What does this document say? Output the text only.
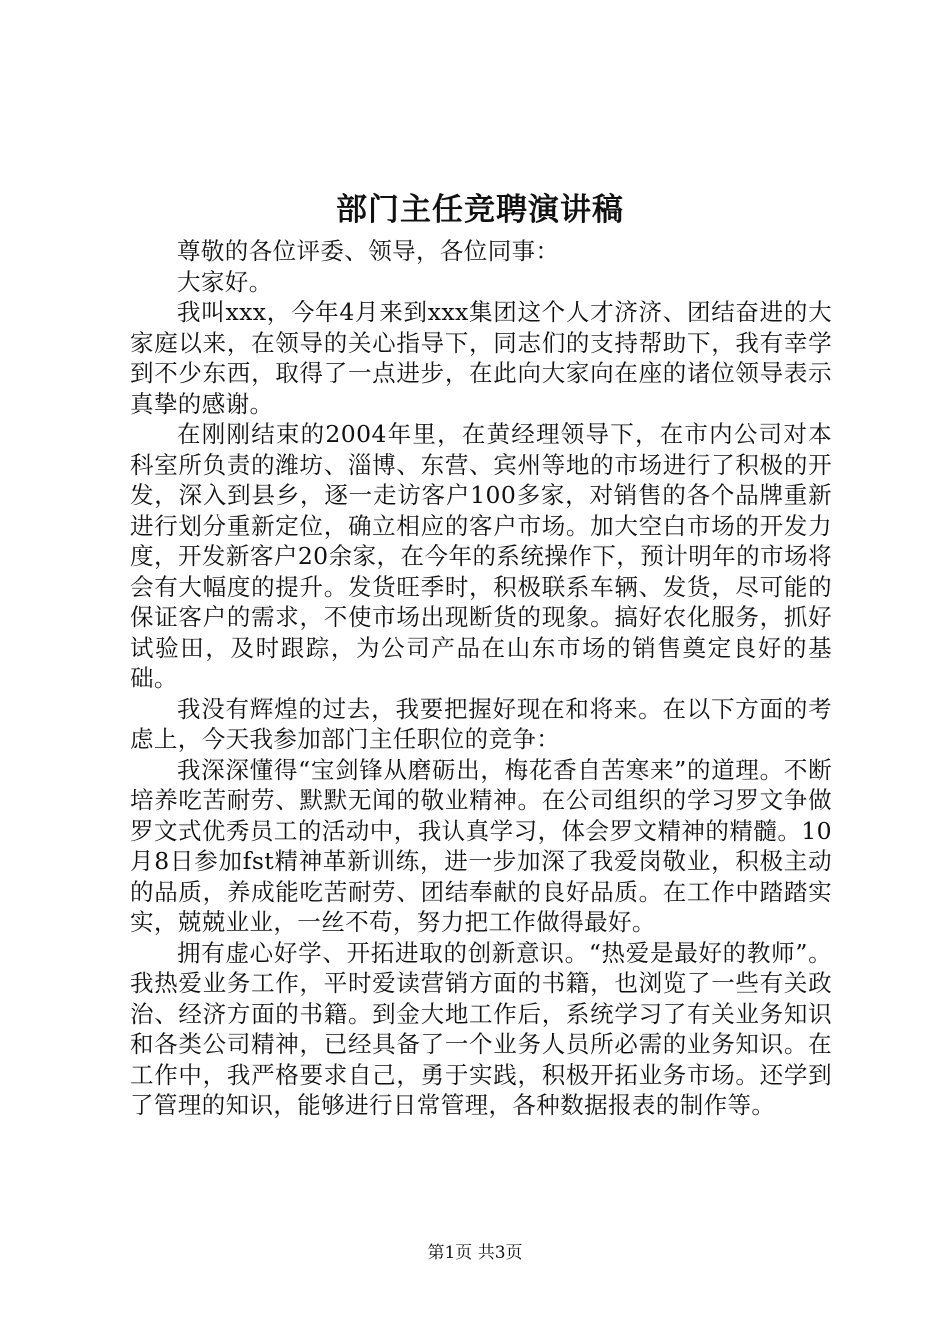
部门主任竞聘演讲稿

尊敬的各位评委、领导，各位同事：

大家好。

我叫xxx，今年4月来到xxx集团这个人才济济、团结奋进的大家庭以来，在领导的关心指导下，同志们的支持帮助下，我有幸学到不少东西，取得了一点进步，在此向大家向在座的诸位领导表示真挚的感谢。

在刚刚结束的2004年里，在黄经理领导下，在市内公司对本科室所负责的潍坊、淄博、东营、宾州等地的市场进行了积极的开发，深入到县乡，逐一走访客户100多家，对销售的各个品牌重新进行划分重新定位，确立相应的客户市场。加大空白市场的开发力度，开发新客户20余家，在今年的系统操作下，预计明年的市场将会有大幅度的提升。发货旺季时，积极联系车辆、发货，尽可能的保证客户的需求，不使市场出现断货的现象。搞好农化服务，抓好试验田，及时跟踪，为公司产品在山东市场的销售奠定良好的基础。

我没有辉煌的过去，我要把握好现在和将来。在以下方面的考虑上，今天我参加部门主任职位的竞争：

我深深懂得“宝剑锋从磨砺出，梅花香自苦寒来”的道理。不断培养吃苦耐劳、默默无闻的敬业精神。在公司组织的学习罗文争做罗文式优秀员工的活动中，我认真学习，体会罗文精神的精髓。10月8日参加fst精神革新训练，进一步加深了我爱岗敬业，积极主动的品质，养成能吃苦耐劳、团结奉献的良好品质。在工作中踏踏实实，兢兢业业，一丝不苟，努力把工作做得最好。

拥有虚心好学、开拓进取的创新意识。“热爱是最好的教师”。我热爱业务工作，平时爱读营销方面的书籍，也浏览了一些有关政治、经济方面的书籍。到金大地工作后，系统学习了有关业务知识和各类公司精神，已经具备了一个业务人员所必需的业务知识。在工作中，我严格要求自己，勇于实践，积极开拓业务市场。还学到了管理的知识，能够进行日常管理，各种数据报表的制作等。

第1页 共3页
